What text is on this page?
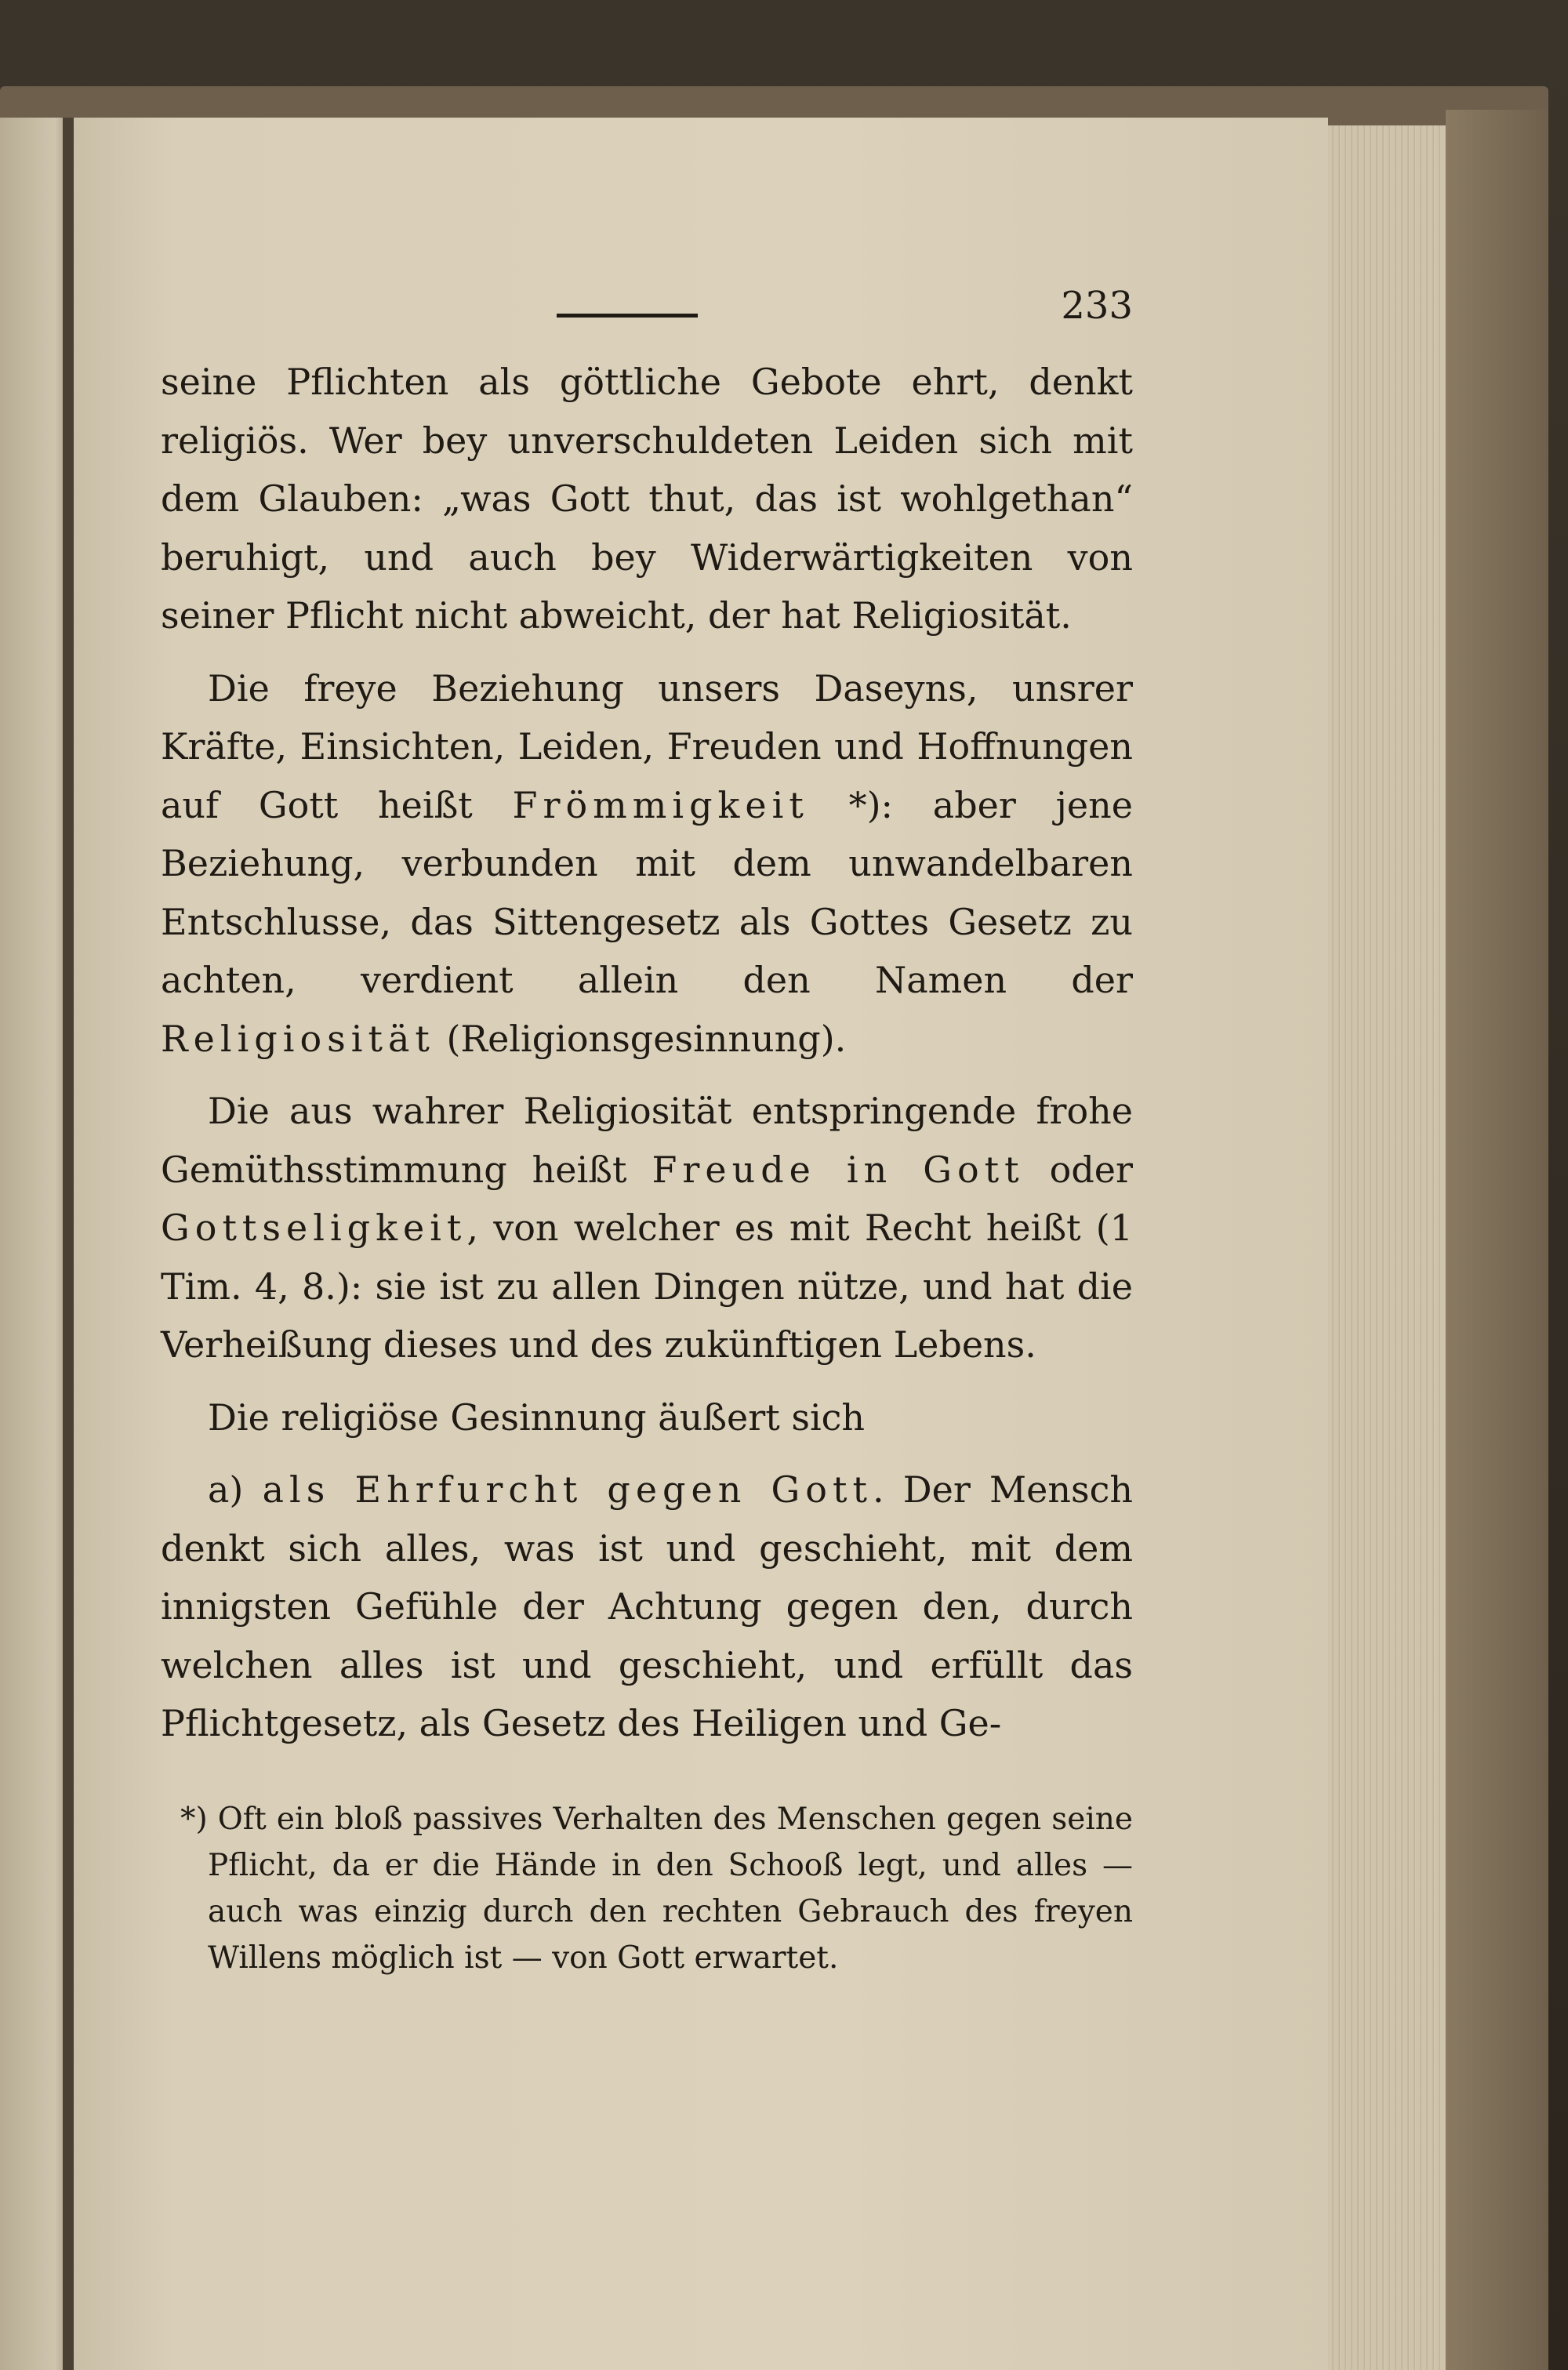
233

seine Pflichten als göttliche Gebote ehrt, denkt religiös. Wer bey unverschuldeten Leiden sich mit dem Glauben: „was Gott thut, das ist wohlgethan“ beruhigt, und auch bey Widerwärtigkeiten von seiner Pflicht nicht abweicht, der hat Religiosität.

Die freye Beziehung unsers Daseyns, unsrer Kräfte, Einsichten, Leiden, Freuden und Hoffnungen auf Gott heißt Frömmigkeit *): aber jene Beziehung, verbunden mit dem unwandelbaren Entschlusse, das Sittengesetz als Gottes Gesetz zu achten, verdient allein den Namen der Religiosität (Religionsgesinnung).

Die aus wahrer Religiosität entspringende frohe Gemüthsstimmung heißt Freude in Gott oder Gottseligkeit, von welcher es mit Recht heißt (1 Tim. 4, 8.): sie ist zu allen Dingen nütze, und hat die Verheißung dieses und des zukünftigen Lebens.

Die religiöse Gesinnung äußert sich

a) als Ehrfurcht gegen Gott. Der Mensch denkt sich alles, was ist und geschieht, mit dem innigsten Gefühle der Achtung gegen den, durch welchen alles ist und geschieht, und erfüllt das Pflichtgesetz, als Gesetz des Heiligen und Ge-

*) Oft ein bloß passives Verhalten des Menschen gegen seine Pflicht, da er die Hände in den Schooß legt, und alles — auch was einzig durch den rechten Gebrauch des freyen Willens möglich ist — von Gott erwartet.
